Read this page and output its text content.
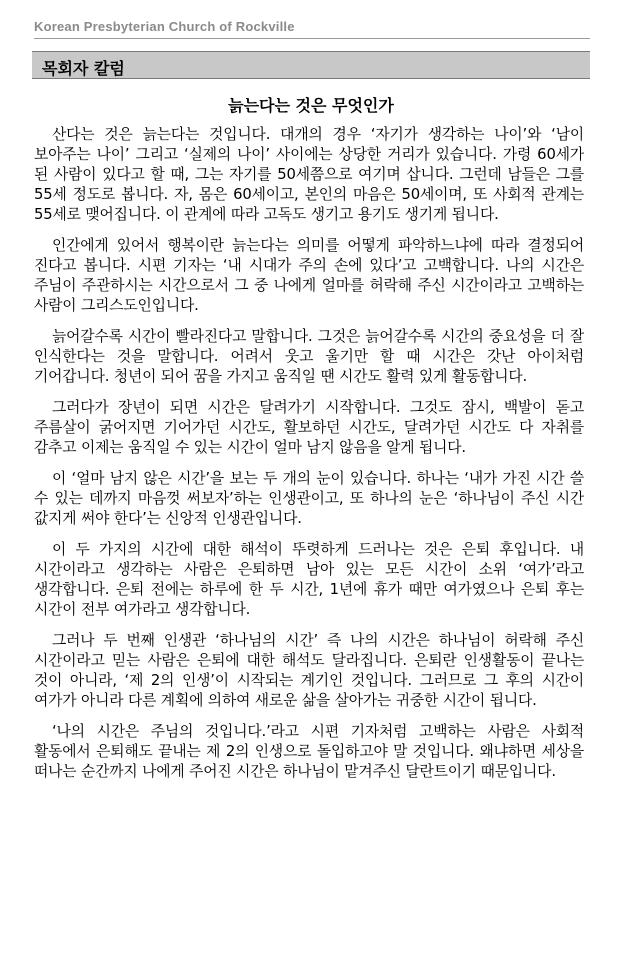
Korean Presbyterian Church of Rockville
목회자 칼럼
늙는다는 것은 무엇인가

산다는 것은 늙는다는 것입니다. 대개의 경우 ‘자기가 생각하는 나이’와 ‘남이 보아주는 나이’ 그리고 ‘실제의 나이’ 사이에는 상당한 거리가 있습니다. 가령 60세가 된 사람이 있다고 할 때, 그는 자기를 50세쯤으로 여기며 삽니다. 그런데 남들은 그를 55세 정도로 봅니다. 자, 몸은 60세이고, 본인의 마음은 50세이며, 또 사회적 관계는 55세로 맺어집니다. 이 관계에 따라 고독도 생기고 용기도 생기게 됩니다.

인간에게 있어서 행복이란 늙는다는 의미를 어떻게 파악하느냐에 따라 결정되어 진다고 봅니다. 시편 기자는 ‘내 시대가 주의 손에 있다’고 고백합니다. 나의 시간은 주님이 주관하시는 시간으로서 그 중 나에게 얼마를 허락해 주신 시간이라고 고백하는 사람이 그리스도인입니다.

늙어갈수록 시간이 빨라진다고 말합니다. 그것은 늙어갈수록 시간의 중요성을 더 잘 인식한다는 것을 말합니다. 어려서 웃고 울기만 할 때 시간은 갓난 아이처럼 기어갑니다. 청년이 되어 꿈을 가지고 움직일 땐 시간도 활력 있게 활동합니다.

그러다가 장년이 되면 시간은 달려가기 시작합니다. 그것도 잠시, 백발이 돋고 주름살이 굵어지면 기어가던 시간도, 활보하던 시간도, 달려가던 시간도 다 자취를 감추고 이제는 움직일 수 있는 시간이 얼마 남지 않음을 알게 됩니다.

이 ‘얼마 남지 않은 시간’을 보는 두 개의 눈이 있습니다. 하나는 ‘내가 가진 시간 쓸 수 있는 데까지 마음껏 써보자’하는 인생관이고, 또 하나의 눈은 ‘하나님이 주신 시간 값지게 써야 한다’는 신앙적 인생관입니다.

이 두 가지의 시간에 대한 해석이 뚜렷하게 드러나는 것은 은퇴 후입니다. 내 시간이라고 생각하는 사람은 은퇴하면 남아 있는 모든 시간이 소위 ‘여가’라고 생각합니다. 은퇴 전에는 하루에 한 두 시간, 1년에 휴가 때만 여가였으나 은퇴 후는 시간이 전부 여가라고 생각합니다.

그러나 두 번째 인생관 ‘하나님의 시간’ 즉 나의 시간은 하나님이 허락해 주신 시간이라고 믿는 사람은 은퇴에 대한 해석도 달라집니다. 은퇴란 인생활동이 끝나는 것이 아니라, ‘제 2의 인생’이 시작되는 계기인 것입니다. 그러므로 그 후의 시간이 여가가 아니라 다른 계획에 의하여 새로운 삶을 살아가는 귀중한 시간이 됩니다.

‘나의 시간은 주님의 것입니다.’라고 시편 기자처럼 고백하는 사람은 사회적 활동에서 은퇴해도 끝내는 제 2의 인생으로 돌입하고야 말 것입니다. 왜냐하면 세상을 떠나는 순간까지 나에게 주어진 시간은 하나님이 맡겨주신 달란트이기 때문입니다.
